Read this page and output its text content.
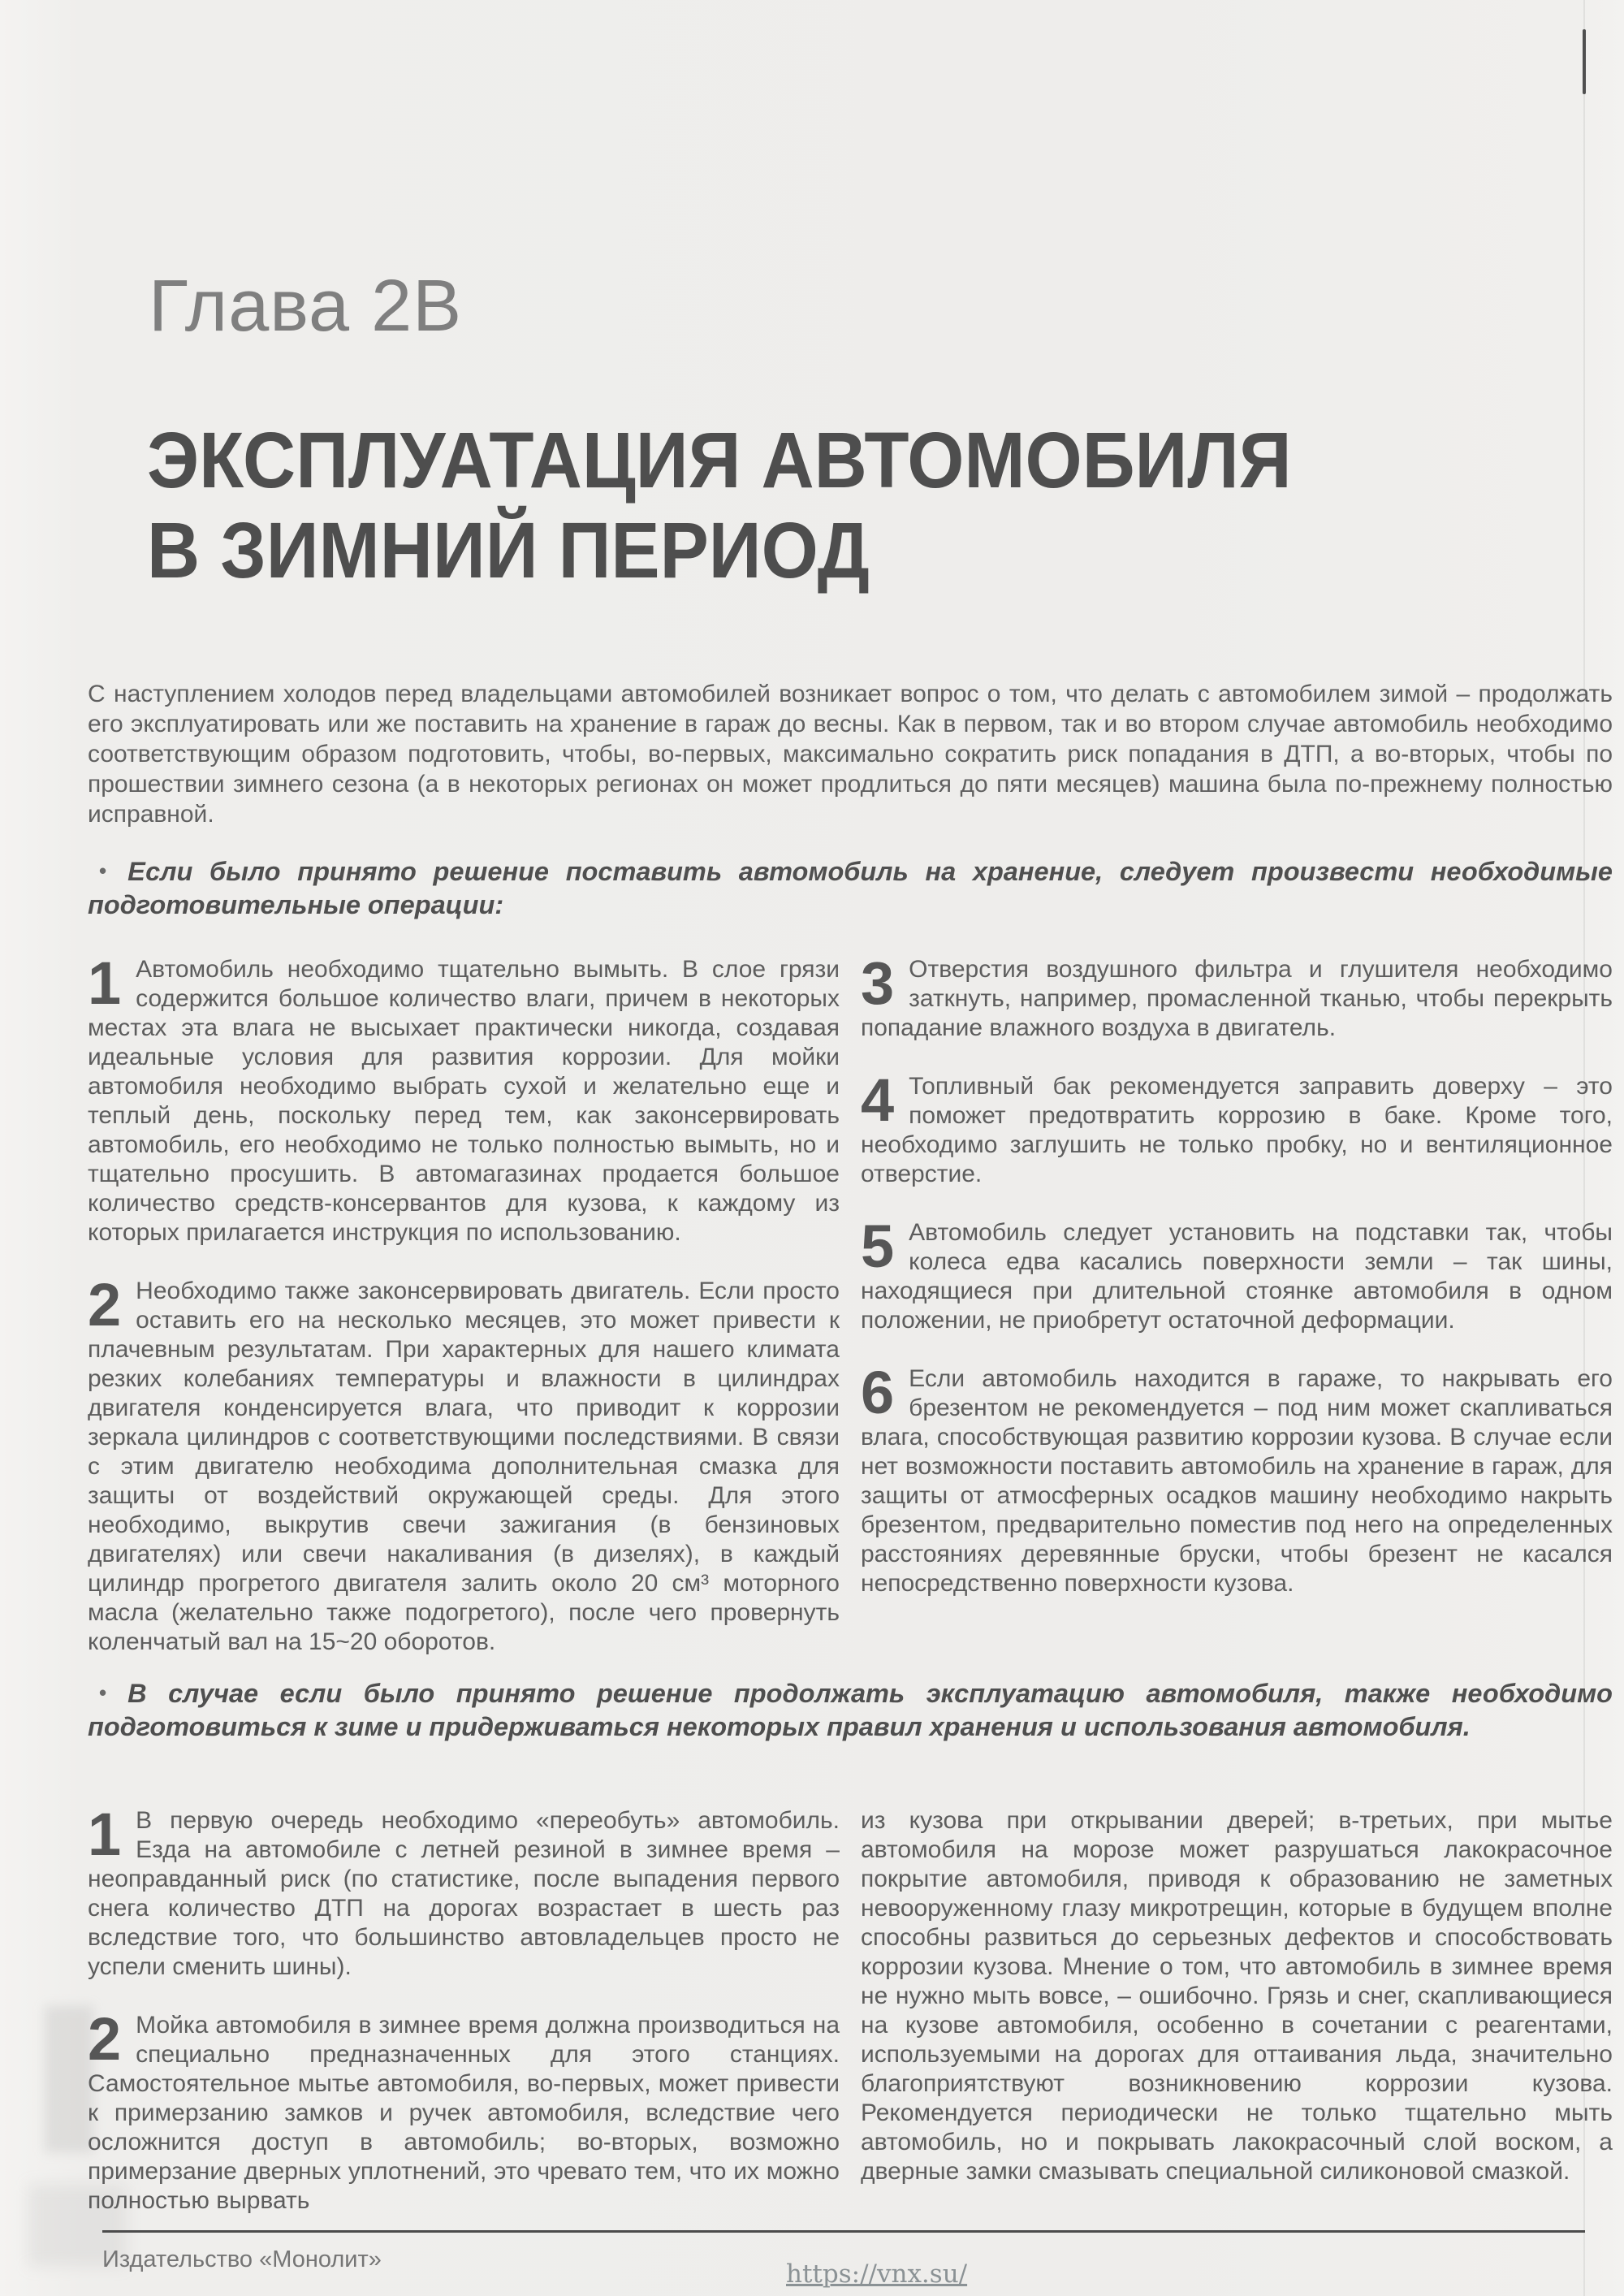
Глава 2В
ЭКСПЛУАТАЦИЯ АВТОМОБИЛЯ
В ЗИМНИЙ ПЕРИОД

С наступлением холодов перед владельцами автомобилей возникает вопрос о том, что делать с автомобилем зимой – продолжать его эксплуатировать или же поставить на хранение в гараж до весны. Как в первом, так и во втором случае автомобиль необходимо соответствующим образом подготовить, чтобы, во-первых, максимально сократить риск попадания в ДТП, а во-вторых, чтобы по прошествии зимнего сезона (а в некоторых регионах он может продлиться до пяти месяцев) машина была по-прежнему полностью исправной.

• Если было принято решение поставить автомобиль на хранение, следует произвести необходимые подготовительные операции:
1 Автомобиль необходимо тщательно вымыть. В слое грязи содержится большое количество влаги, причем в некоторых местах эта влага не высыхает практически никогда, создавая идеальные условия для развития коррозии. Для мойки автомобиля необходимо выбрать сухой и желательно еще и теплый день, поскольку перед тем, как законсервировать автомобиль, его необходимо не только полностью вымыть, но и тщательно просушить. В автомагазинах продается большое количество средств-консервантов для кузова, к каждому из которых прилагается инструкция по использованию.
2 Необходимо также законсервировать двигатель. Если просто оставить его на несколько месяцев, это может привести к плачевным результатам. При характерных для нашего климата резких колебаниях температуры и влажности в цилиндрах двигателя конденсируется влага, что приводит к коррозии зеркала цилиндров с соответствующими последствиями. В связи с этим двигателю необходима дополнительная смазка для защиты от воздействий окружающей среды. Для этого необходимо, выкрутив свечи зажигания (в бензиновых двигателях) или свечи накаливания (в дизелях), в каждый цилиндр прогретого двигателя залить около 20 см³ моторного масла (желательно также подогретого), после чего провернуть коленчатый вал на 15~20 оборотов.
3 Отверстия воздушного фильтра и глушителя необходимо заткнуть, например, промасленной тканью, чтобы перекрыть попадание влажного воздуха в двигатель.
4 Топливный бак рекомендуется заправить доверху – это поможет предотвратить коррозию в баке. Кроме того, необходимо заглушить не только пробку, но и вентиляционное отверстие.
5 Автомобиль следует установить на подставки так, чтобы колеса едва касались поверхности земли – так шины, находящиеся при длительной стоянке автомобиля в одном положении, не приобретут остаточной деформации.
6 Если автомобиль находится в гараже, то накрывать его брезентом не рекомендуется – под ним может скапливаться влага, способствующая развитию коррозии кузова. В случае если нет возможности поставить автомобиль на хранение в гараж, для защиты от атмосферных осадков машину необходимо накрыть брезентом, предварительно поместив под него на определенных расстояниях деревянные бруски, чтобы брезент не касался непосредственно поверхности кузова.
• В случае если было принято решение продолжать эксплуатацию автомобиля, также необходимо подготовиться к зиме и придерживаться некоторых правил хранения и использования автомобиля.
1 В первую очередь необходимо «переобуть» автомобиль. Езда на автомобиле с летней резиной в зимнее время – неоправданный риск (по статистике, после выпадения первого снега количество ДТП на дорогах возрастает в шесть раз вследствие того, что большинство автовладельцев просто не успели сменить шины).
2 Мойка автомобиля в зимнее время должна производиться на специально предназначенных для этого станциях. Самостоятельное мытье автомобиля, во-первых, может привести к примерзанию замков и ручек автомобиля, вследствие чего осложнится доступ в автомобиль; во-вторых, возможно примерзание дверных уплотнений, это чревато тем, что их можно полностью вырвать

из кузова при открывании дверей; в-третьих, при мытье автомобиля на морозе может разрушаться лакокрасочное покрытие автомобиля, приводя к образованию не заметных невооруженному глазу микротрещин, которые в будущем вполне способны развиться до серьезных дефектов и способствовать коррозии кузова. Мнение о том, что автомобиль в зимнее время не нужно мыть вовсе, – ошибочно. Грязь и снег, скапливающиеся на кузове автомобиля, особенно в сочетании с реагентами, используемыми на дорогах для оттаивания льда, значительно благоприятствуют возникновению коррозии кузова. Рекомендуется периодически не только тщательно мыть автомобиль, но и покрывать лакокрасочный слой воском, а дверные замки смазывать специальной силиконовой смазкой.

Издательство «Монолит»	https://vnx.su/
